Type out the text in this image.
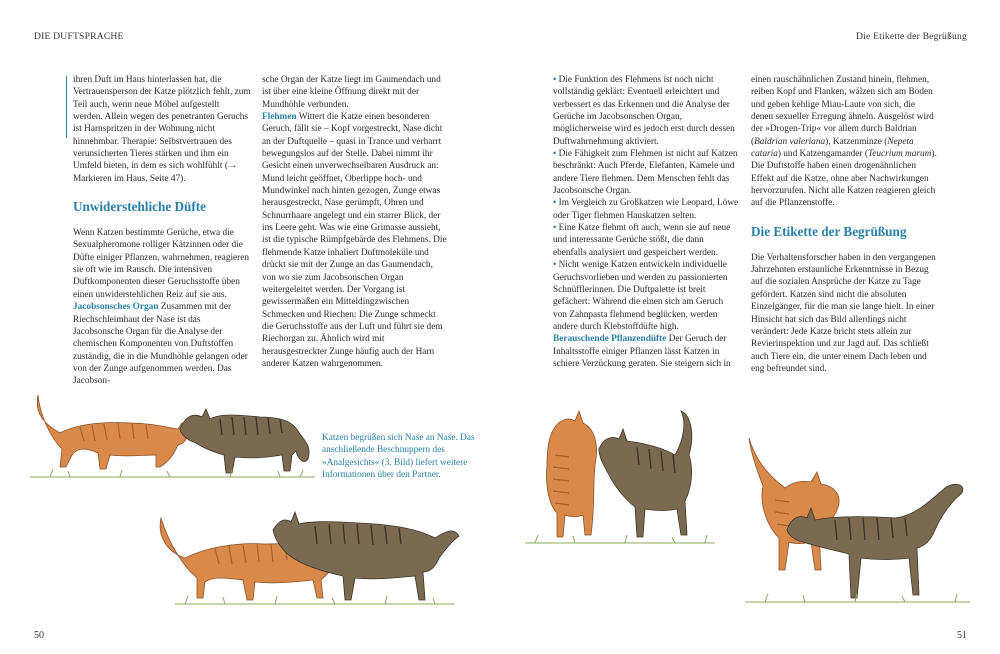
DIE DUFTSPRACHE	Die Etikette der Begrüßung

ihren Duft im Haus hinterlassen hat, die Vertrauensperson der Katze plötzlich fehlt, zum Teil auch, wenn neue Möbel aufgestellt werden. Allein wegen des penetranten Geruchs ist Harnspritzen in der Wohnung nicht hinnehmbar. Therapie: Selbstvertrauen des verunsicherten Tieres stärken und ihm ein Umfeld bieten, in dem es sich wohlfühlt (→ Markieren im Haus, Seite 47).

Unwiderstehliche Düfte

Wenn Katzen bestimmte Gerüche, etwa die Sexualpheromone rolliger Kätzinnen oder die Düfte einiger Pflanzen, wahrnehmen, reagieren sie oft wie im Rausch. Die intensiven Duftkomponenten dieser Geruchsstoffe üben einen unwiderstehlichen Reiz auf sie aus.

Jacobsonsches Organ Zusammen mit der Riechschleimhaut der Nase ist das Jacobsonsche Organ für die Analyse der chemischen Komponenten von Duftstoffen zuständig, die in die Mundhöhle gelangen oder von der Zunge aufgenommen werden. Das Jacobson-

sche Organ der Katze liegt im Gaumendach und ist über eine kleine Öffnung direkt mit der Mundhöhle verbunden.

Flehmen Wittert die Katze einen besonderen Geruch, fällt sie – Kopf vorgestreckt, Nase dicht an der Duftquelle – quasi in Trance und verharrt bewegungslos auf der Stelle. Dabei nimmt ihr Gesicht einen unverwechselbaren Ausdruck an: Mund leicht geöffnet, Oberlippe hoch- und Mundwinkel nach hinten gezogen, Zunge etwas herausgestreckt, Nase gerümpft, Ohren und Schnurrhaare angelegt und ein starrer Blick, der ins Leere geht. Was wie eine Grimasse aussieht, ist die typische Rümpfgebärde des Flehmens. Die flehmende Katze inhaliert Duftmoleküle und drückt sie mit der Zunge an das Gaumendach, von wo sie zum Jacobsonschen Organ weitergeleitet werden. Der Vorgang ist gewissermaßen ein Mitteldingzwischen Schmecken und Riechen: Die Zunge schmeckt die Geruchsstoffe aus der Luft und führt sie dem Riechorgan zu. Ähnlich wird mit herausgestreckter Zunge häufig auch der Harn anderer Katzen wahrgenommen.

• Die Funktion des Flehmens ist noch nicht vollständig geklärt: Eventuell erleichtert und verbessert es das Erkennen und die Analyse der Gerüche im Jacobsonschen Organ, möglicherweise wird es jedoch erst durch dessen Duftwahrnehmung aktiviert.

• Die Fähigkeit zum Flehmen ist nicht auf Katzen beschränkt: Auch Pferde, Elefanten, Kamele und andere Tiere flehmen. Dem Menschen fehlt das Jacobsonsche Organ.

• Im Vergleich zu Großkatzen wie Leopard, Löwe oder Tiger flehmen Hauskatzen selten.

• Eine Katze flehmt oft auch, wenn sie auf neue und interessante Gerüche stößt, die dann ebenfalls analysiert und gespeichert werden.

• Nicht wenige Katzen entwickeln individuelle Geruchsvorlieben und werden zu passionierten Schnüfflerinnen. Die Duftpalette ist breit gefächert: Während die einen sich am Geruch von Zahnpasta flehmend beglücken, werden andere durch Klebstoffdüfte high.

Berauschende Pflanzendüfte Der Geruch der Inhaltsstoffe einiger Pflanzen lässt Katzen in schiere Verzückung geraten. Sie steigern sich in

einen rauschähnlichen Zustand hinein, flehmen, reiben Kopf und Flanken, wälzen sich am Boden und geben kehlige Miau-Laute von sich, die denen sexueller Erregung ähneln. Ausgelöst wird der »Drogen-Trip« vor allem durch Baldrian (Baldrian valeriana), Katzenminze (Nepeta cataria) und Katzengamander (Teucrium marum). Die Duftstoffe haben einen drogenähnlichen Effekt auf die Katze, ohne aber Nachwirkungen hervorzurufen. Nicht alle Katzen reagieren gleich auf die Pflanzenstoffe.

Die Etikette der Begrüßung

Die Verhaltensforscher haben in den vergangenen Jahrzehnten erstaunliche Erkenntnisse in Bezug auf die sozialen Ansprüche der Katze zu Tage gefördert. Katzen sind nicht die absoluten Einzelgänger, für die man sie lange hielt. In einer Hinsicht hat sich das Bild allerdings nicht verändert: Jede Katze bricht stets allein zur Revierinspektion und zur Jagd auf. Das schließt auch Tiere ein, die unter einem Dach leben und eng befreundet sind.

Katzen begrüßen sich Nase an Nase. Das anschließende Beschnuppern des »Analgesichts« (3. Bild) liefert weitere Informationen über den Partner.
50	51
